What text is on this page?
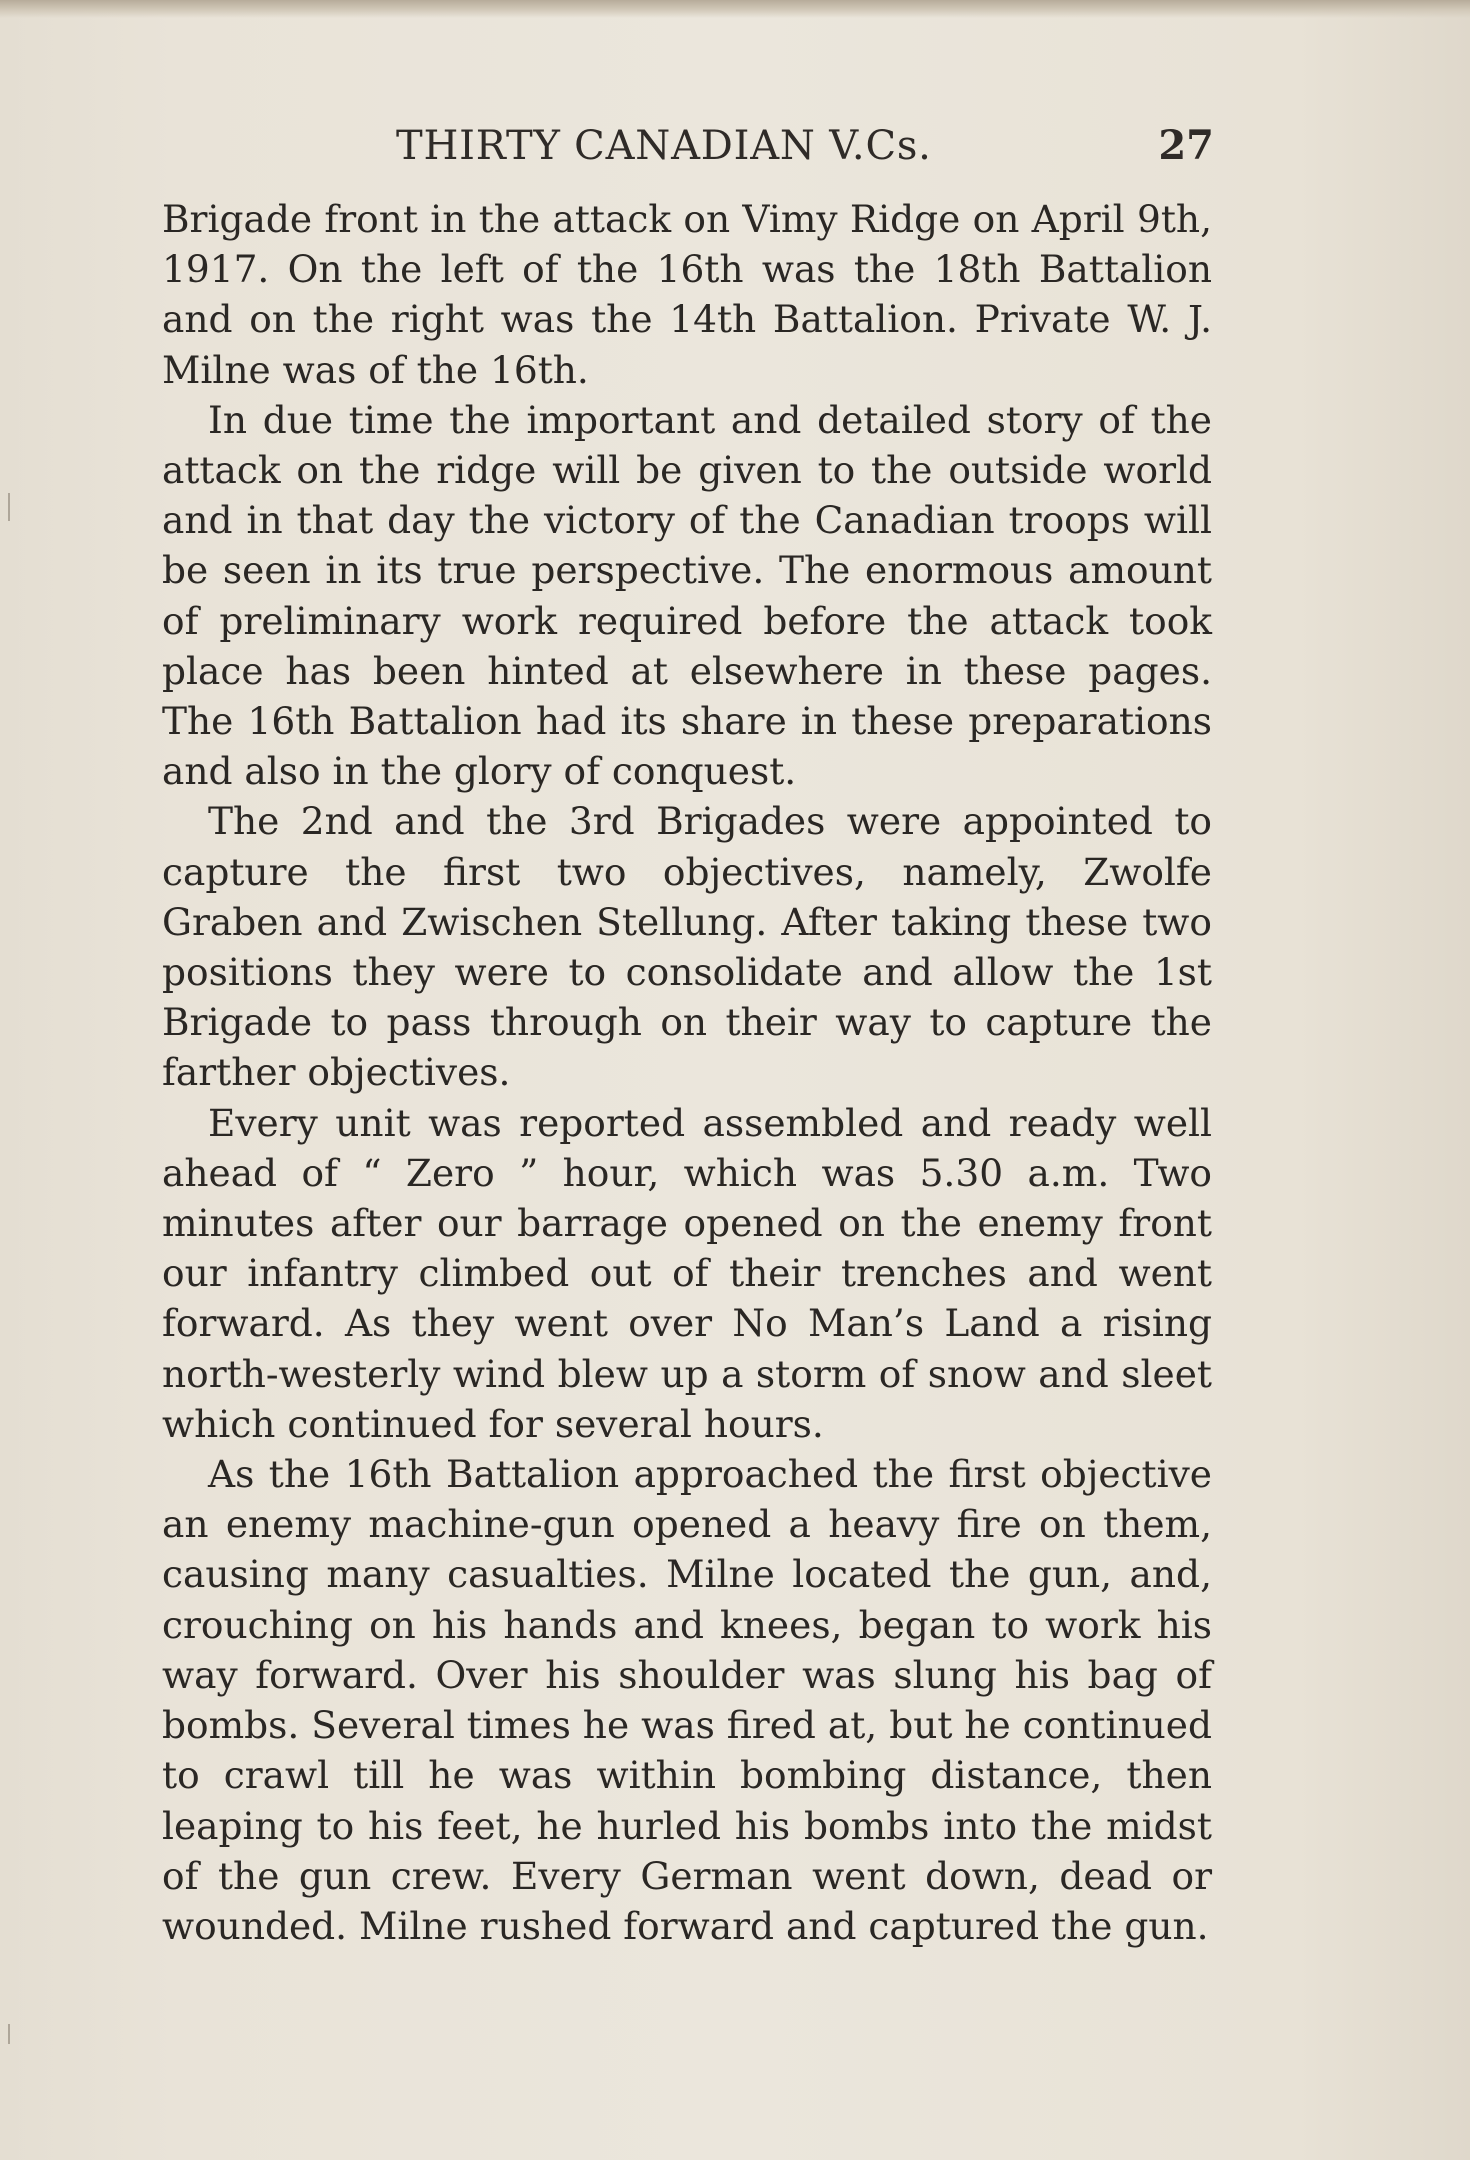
THIRTY CANADIAN V.Cs.	27

Brigade front in the attack on Vimy Ridge on April 9th, 1917. On the left of the 16th was the 18th Battalion and on the right was the 14th Battalion. Private W. J. Milne was of the 16th.

In due time the important and detailed story of the attack on the ridge will be given to the outside world and in that day the victory of the Canadian troops will be seen in its true perspective. The enormous amount of preliminary work required before the attack took place has been hinted at elsewhere in these pages. The 16th Battalion had its share in these preparations and also in the glory of conquest.

The 2nd and the 3rd Brigades were appointed to capture the first two objectives, namely, Zwolfe Graben and Zwischen Stellung. After taking these two positions they were to consolidate and allow the 1st Brigade to pass through on their way to capture the farther objectives.

Every unit was reported assembled and ready well ahead of “ Zero ” hour, which was 5.30 a.m. Two minutes after our barrage opened on the enemy front our infantry climbed out of their trenches and went forward. As they went over No Man’s Land a rising north-westerly wind blew up a storm of snow and sleet which continued for several hours.

As the 16th Battalion approached the first objective an enemy machine-gun opened a heavy fire on them, causing many casualties. Milne located the gun, and, crouching on his hands and knees, began to work his way forward. Over his shoulder was slung his bag of bombs. Several times he was fired at, but he continued to crawl till he was within bombing distance, then leaping to his feet, he hurled his bombs into the midst of the gun crew. Every German went down, dead or wounded. Milne rushed forward and captured the gun.
